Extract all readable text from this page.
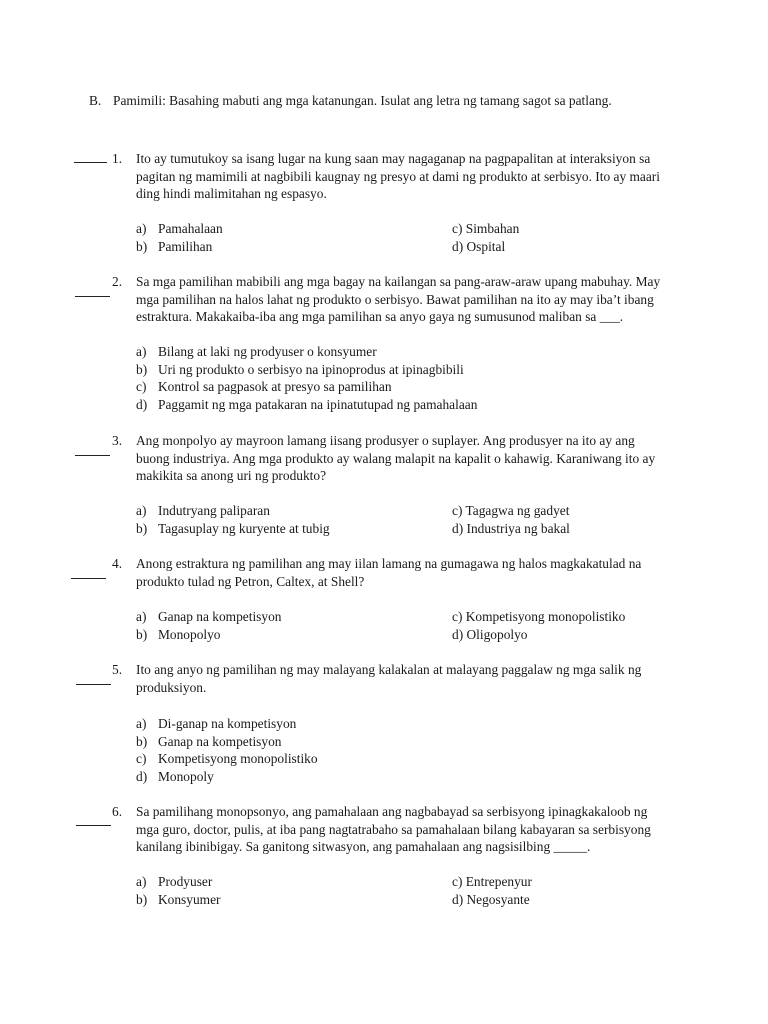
B. Pamimili: Basahing mabuti ang mga katanungan. Isulat ang letra ng tamang sagot sa patlang.
1. Ito ay tumutukoy sa isang lugar na kung saan may nagaganap na pagpapalitan at interaksiyon sa
pagitan ng mamimili at nagbibili kaugnay ng presyo at dami ng produkto at serbisyo. Ito ay maari
ding hindi malimitahan ng espasyo.
a) Pamahalaan
b) Pamilihan
c) Simbahan
d) Ospital
2. Sa mga pamilihan mabibili ang mga bagay na kailangan sa pang-araw-araw upang mabuhay. May
mga pamilihan na halos lahat ng produkto o serbisyo. Bawat pamilihan na ito ay may iba’t ibang
estraktura. Makakaiba-iba ang mga pamilihan sa anyo gaya ng sumusunod maliban sa ___.
a) Bilang at laki ng prodyuser o konsyumer
b) Uri ng produkto o serbisyo na ipinoprodus at ipinagbibili
c) Kontrol sa pagpasok at presyo sa pamilihan
d) Paggamit ng mga patakaran na ipinatutupad ng pamahalaan
3. Ang monpolyo ay mayroon lamang iisang produsyer o suplayer. Ang produsyer na ito ay ang
buong industriya. Ang mga produkto ay walang malapit na kapalit o kahawig. Karaniwang ito ay
makikita sa anong uri ng produkto?
a) Indutryang paliparan
b) Tagasuplay ng kuryente at tubig
c) Tagagwa ng gadyet
d) Industriya ng bakal
4. Anong estraktura ng pamilihan ang may iilan lamang na gumagawa ng halos magkakatulad na
produkto tulad ng Petron, Caltex, at Shell?
a) Ganap na kompetisyon
b) Monopolyo
c) Kompetisyong monopolistiko
d) Oligopolyo
5. Ito ang anyo ng pamilihan ng may malayang kalakalan at malayang paggalaw ng mga salik ng
produksiyon.
a) Di-ganap na kompetisyon
b) Ganap na kompetisyon
c) Kompetisyong monopolistiko
d) Monopoly
6. Sa pamilihang monopsonyo, ang pamahalaan ang nagbabayad sa serbisyong ipinagkakaloob ng
mga guro, doctor, pulis, at iba pang nagtatrabaho sa pamahalaan bilang kabayaran sa serbisyong
kanilang ibinibigay. Sa ganitong sitwasyon, ang pamahalaan ang nagsisilbing _____.
a) Prodyuser
b) Konsyumer
c) Entrepenyur
d) Negosyante
